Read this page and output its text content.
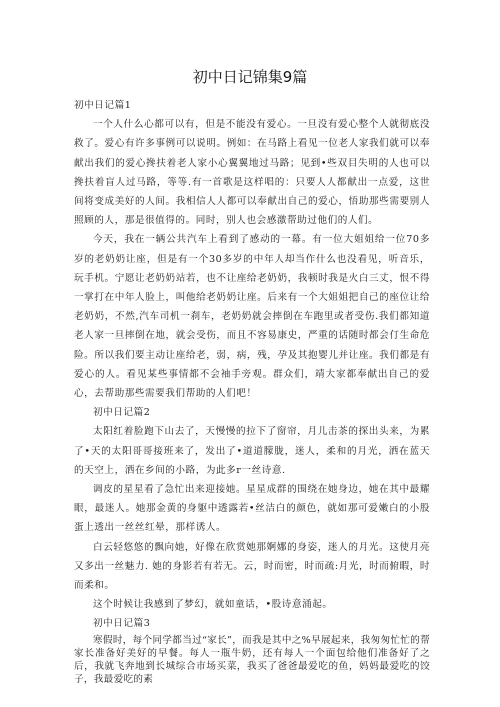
初中日记锦集9篇

初中日记篇1

一个人什么心都可以有，但是不能没有爱心。一旦没有爱心整个人就彻底没救了。爱心有许多事例可以说明。例如：在马路上看见一位老人家我们就可以奉献出我们的爱心搀扶着老人家小心翼翼地过马路；见到•些双目失明的人也可以搀扶着盲人过马路，等等.有一首歌是这样唱的：只要人人都献出一点爱，这世间将变成美好的人间。我相信人人都可以奉献出自己的爱心，悟助那些需要别人照顾的人，那是很值得的。同时，别人也会感激帮助过他们的人们。

今天，我在一辆公共汽车上看到了感动的一幕。有一位大姐姐给一位70多岁的老奶奶让座，但是有一个30多岁的中年人却当作什么也没看见，听音乐，玩手机。宁愿让老奶奶站若，也不让座给老奶奶，我顿时我是火白三丈，恨不得一掌打在中年人脸上，叫他给老奶奶让座。后来有一个大姐姐把自己的座位让给老奶奶，不然,汽车司机一刹车，老奶奶就会摔倒在车跑里或者受伤.我们都知道老人家一旦摔倒在地，就会受伤，而且不容易康史，严重的话随时都会仃生命危险。所以我们要主动让座给老，弱，病，残，孕及其抱婴儿并让座。我们都是有爱心的人。看见某些事情都不会袖手旁观。群众们，靖大家都奉献出自己的爱心，去帮助那些需要我们帮助的人们吧！

初中日记篇2

太阳红着脸跑下山去了，天慢慢的拉下了窗帘，月儿击茶的探出头来，为累了•天的太阳哥哥接班来了，发出了•道道朦胧，迷人，柔和的月光，洒在蓝天的天空上，洒在乡间的小路，为此多r一丝诗意.

调皮的星星看了急忙出来迎接她。星星成群的围绕在她身边，她在其中最耀眼，最迷人。她那金黄的身躯中透露若•丝洁白的颜色，就如那可爱嫩白的小股蛋上透出一丝丝红晕，那样诱人。

白云轻悠悠的飘向她，好像在欣赏她那婀娜的身姿，迷人的月光。这使月亮又多出一丝魅力. 她的身影若有若无。云，时而密，时而疏:月光，时而俯暇，时而柔和。

这个时候让我感到了梦幻，就如童话，•股诗意涌起。

初中日记篇3

寒假时，每个同学都当过“家长”，而我是其中之%早展起来，我匆匆忙忙的帮家长准备好美好的早餐。每人一瓶牛奶，还有每人一个面包给他们准备好了之后，我就飞奔地到长城综合市场买菜，我买了爸爸最爱吃的鱼，妈妈最爱吃的饺子，我最爱吃的素
